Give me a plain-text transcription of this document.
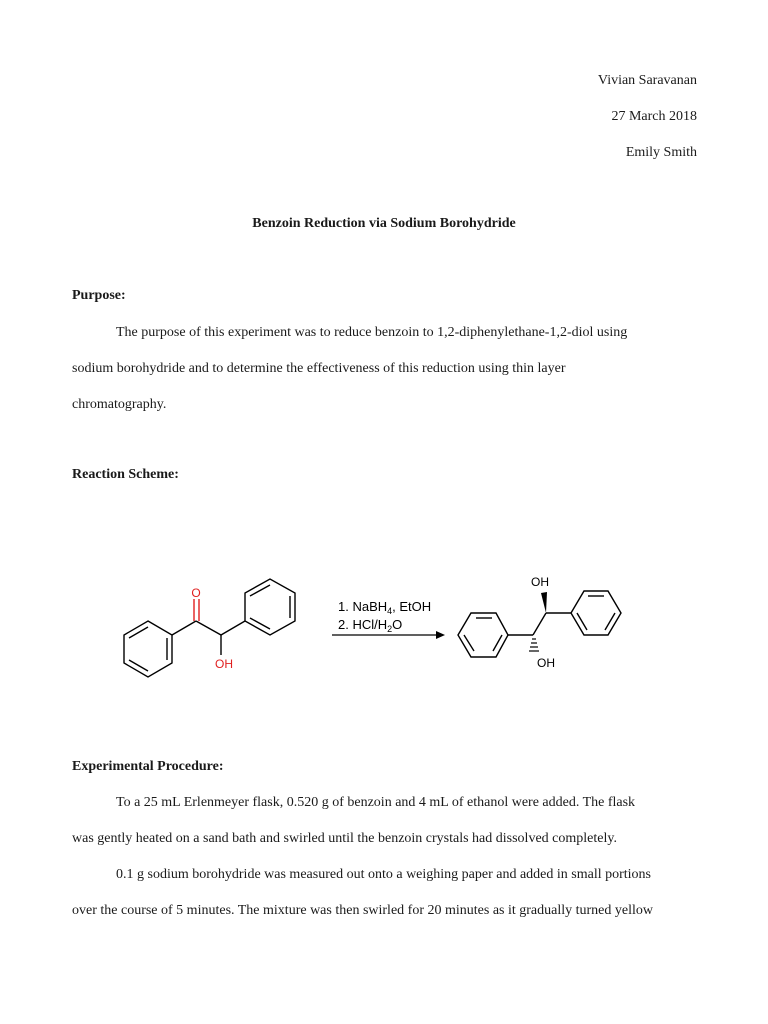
Vivian Saravanan
27 March 2018
Emily Smith
Benzoin Reduction via Sodium Borohydride
Purpose:

The purpose of this experiment was to reduce benzoin to 1,2-diphenylethane-1,2-diol using
sodium borohydride and to determine the effectiveness of this reduction using thin layer
chromatography.

Reaction Scheme:
O
OH
1. NaBH$_4$, EtOH
2. HCl/$H_2O$
OH
OH
Experimental Procedure:

To a 25 mL Erlenmeyer flask, 0.520 g of benzoin and 4 mL of ethanol were added. The flask
was gently heated on a sand bath and swirled until the benzoin crystals had dissolved completely.
0.1 g sodium borohydride was measured out onto a weighing paper and added in small portions
over the course of 5 minutes. The mixture was then swirled for 20 minutes as it gradually turned yellow
